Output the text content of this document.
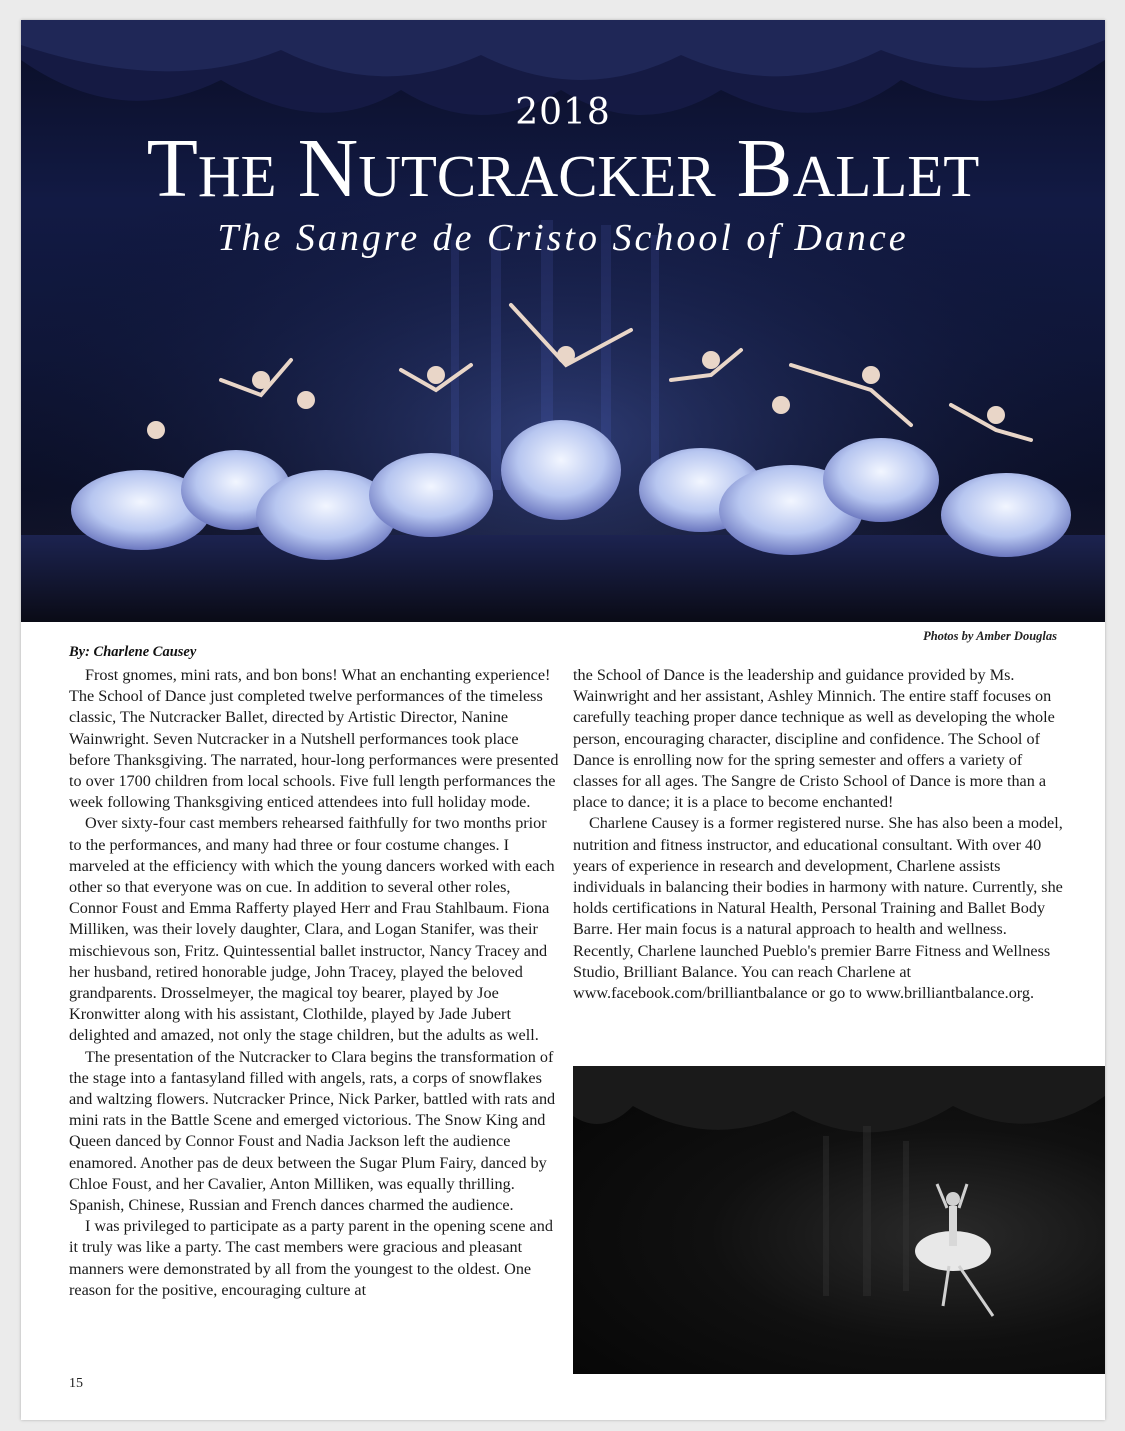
2018
The Nutcracker Ballet
The Sangre de Cristo School of Dance
Photos by Amber Douglas
By: Charlene Causey

Frost gnomes, mini rats, and bon bons! What an enchanting experience! The School of Dance just completed twelve performances of the timeless classic, The Nutcracker Ballet, directed by Artistic Director, Nanine Wainwright. Seven Nutcracker in a Nutshell performances took place before Thanksgiving. The narrated, hour-long performances were presented to over 1700 children from local schools. Five full length performances the week following Thanksgiving enticed attendees into full holiday mode.

Over sixty-four cast members rehearsed faithfully for two months prior to the performances, and many had three or four costume changes. I marveled at the efficiency with which the young dancers worked with each other so that everyone was on cue. In addition to several other roles, Connor Foust and Emma Rafferty played Herr and Frau Stahlbaum. Fiona Milliken, was their lovely daughter, Clara, and Logan Stanifer, was their mischievous son, Fritz. Quintessential ballet instructor, Nancy Tracey and her husband, retired honorable judge, John Tracey, played the beloved grandparents. Drosselmeyer, the magical toy bearer, played by Joe Kronwitter along with his assistant, Clothilde, played by Jade Jubert delighted and amazed, not only the stage children, but the adults as well.

The presentation of the Nutcracker to Clara begins the transformation of the stage into a fantasyland filled with angels, rats, a corps of snowflakes and waltzing flowers. Nutcracker Prince, Nick Parker, battled with rats and mini rats in the Battle Scene and emerged victorious. The Snow King and Queen danced by Connor Foust and Nadia Jackson left the audience enamored. Another pas de deux between the Sugar Plum Fairy, danced by Chloe Foust, and her Cavalier, Anton Milliken, was equally thrilling. Spanish, Chinese, Russian and French dances charmed the audience.

I was privileged to participate as a party parent in the opening scene and it truly was like a party. The cast members were gracious and pleasant manners were demonstrated by all from the youngest to the oldest. One reason for the positive, encouraging culture at

the School of Dance is the leadership and guidance provided by Ms. Wainwright and her assistant, Ashley Minnich. The entire staff focuses on carefully teaching proper dance technique as well as developing the whole person, encouraging character, discipline and confidence. The School of Dance is enrolling now for the spring semester and offers a variety of classes for all ages. The Sangre de Cristo School of Dance is more than a place to dance; it is a place to become enchanted!

Charlene Causey is a former registered nurse. She has also been a model, nutrition and fitness instructor, and educational consultant. With over 40 years of experience in research and development, Charlene assists individuals in balancing their bodies in harmony with nature. Currently, she holds certifications in Natural Health, Personal Training and Ballet Body Barre. Her main focus is a natural approach to health and wellness. Recently, Charlene launched Pueblo's premier Barre Fitness and Wellness Studio, Brilliant Balance. You can reach Charlene at www.facebook.com/brilliantbalance or go to www.brilliantbalance.org.

15
